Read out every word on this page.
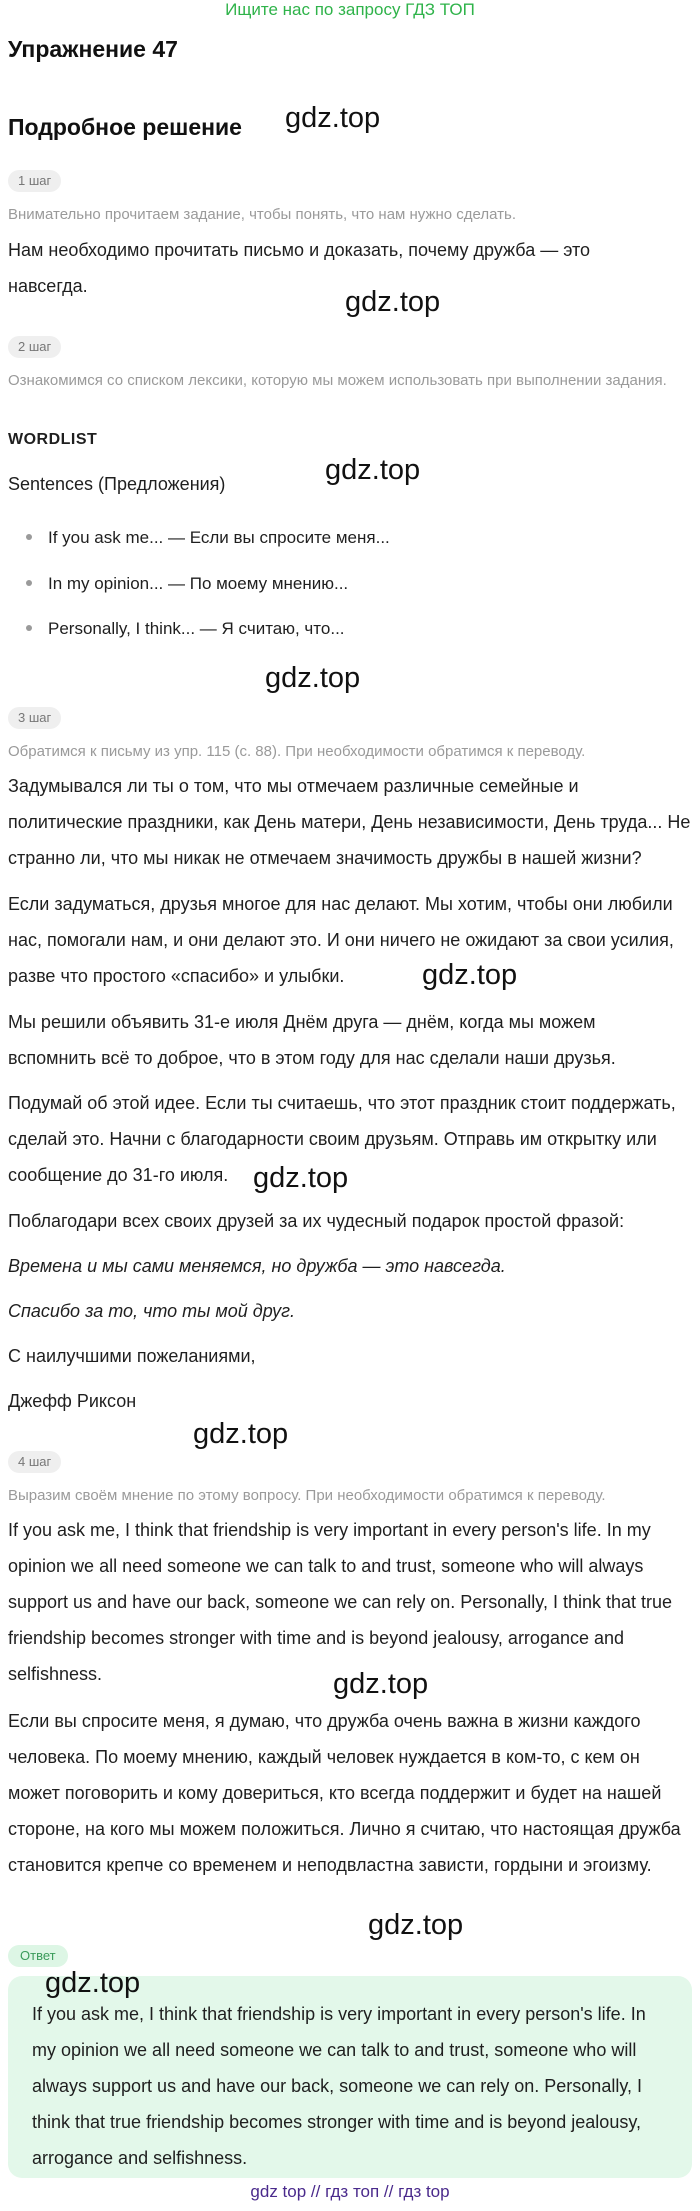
Ищите нас по запросу ГДЗ ТОП
Упражнение 47
Подробное решение gdz.top
gdz.top
gdz.top
gdz.top
gdz.top
gdz.top
gdz.top
gdz.top
gdz.top
gdz.top
1 шаг
Внимательно прочитаем задание, чтобы понять, что нам нужно сделать.
Нам необходимо прочитать письмо и доказать, почему дружба — это навсегда.
2 шаг
Ознакомимся со списком лексики, которую мы можем использовать при выполнении задания.
WORDLIST
Sentences (Предложения)
If you ask me... — Если вы спросите меня...
In my opinion... — По моему мнению...
Personally, I think... — Я считаю, что...
3 шаг
Обратимся к письму из упр. 115 (с. 88). При необходимости обратимся к переводу.
Задумывался ли ты о том, что мы отмечаем различные семейные и политические праздники, как День матери, День независимости, День труда... Не странно ли, что мы никак не отмечаем значимость дружбы в нашей жизни?
Если задуматься, друзья многое для нас делают. Мы хотим, чтобы они любили нас, помогали нам, и они делают это. И они ничего не ожидают за свои усилия, разве что простого «спасибо» и улыбки.
Мы решили объявить 31-е июля Днём друга — днём, когда мы можем вспомнить всё то доброе, что в этом году для нас сделали наши друзья.
Подумай об этой идее. Если ты считаешь, что этот праздник стоит поддержать, сделай это. Начни с благодарности своим друзьям. Отправь им открытку или сообщение до 31-го июля.
Поблагодари всех своих друзей за их чудесный подарок простой фразой:
Времена и мы сами меняемся, но дружба — это навсегда.
Спасибо за то, что ты мой друг.
С наилучшими пожеланиями,
Джефф Риксон
4 шаг
Выразим своём мнение по этому вопросу. При необходимости обратимся к переводу.
If you ask me, I think that friendship is very important in every person's life. In my opinion we all need someone we can talk to and trust, someone who will always support us and have our back, someone we can rely on. Personally, I think that true friendship becomes stronger with time and is beyond jealousy, arrogance and selfishness.
Если вы спросите меня, я думаю, что дружба очень важна в жизни каждого человека. По моему мнению, каждый человек нуждается в ком-то, с кем он может поговорить и кому довериться, кто всегда поддержит и будет на нашей стороне, на кого мы можем положиться. Лично я считаю, что настоящая дружба становится крепче со временем и неподвластна зависти, гордыни и эгоизму.
Ответ
If you ask me, I think that friendship is very important in every person's life. In my opinion we all need someone we can talk to and trust, someone who will always support us and have our back, someone we can rely on. Personally, I think that true friendship becomes stronger with time and is beyond jealousy, arrogance and selfishness.
gdz top // гдз топ // гдз top
